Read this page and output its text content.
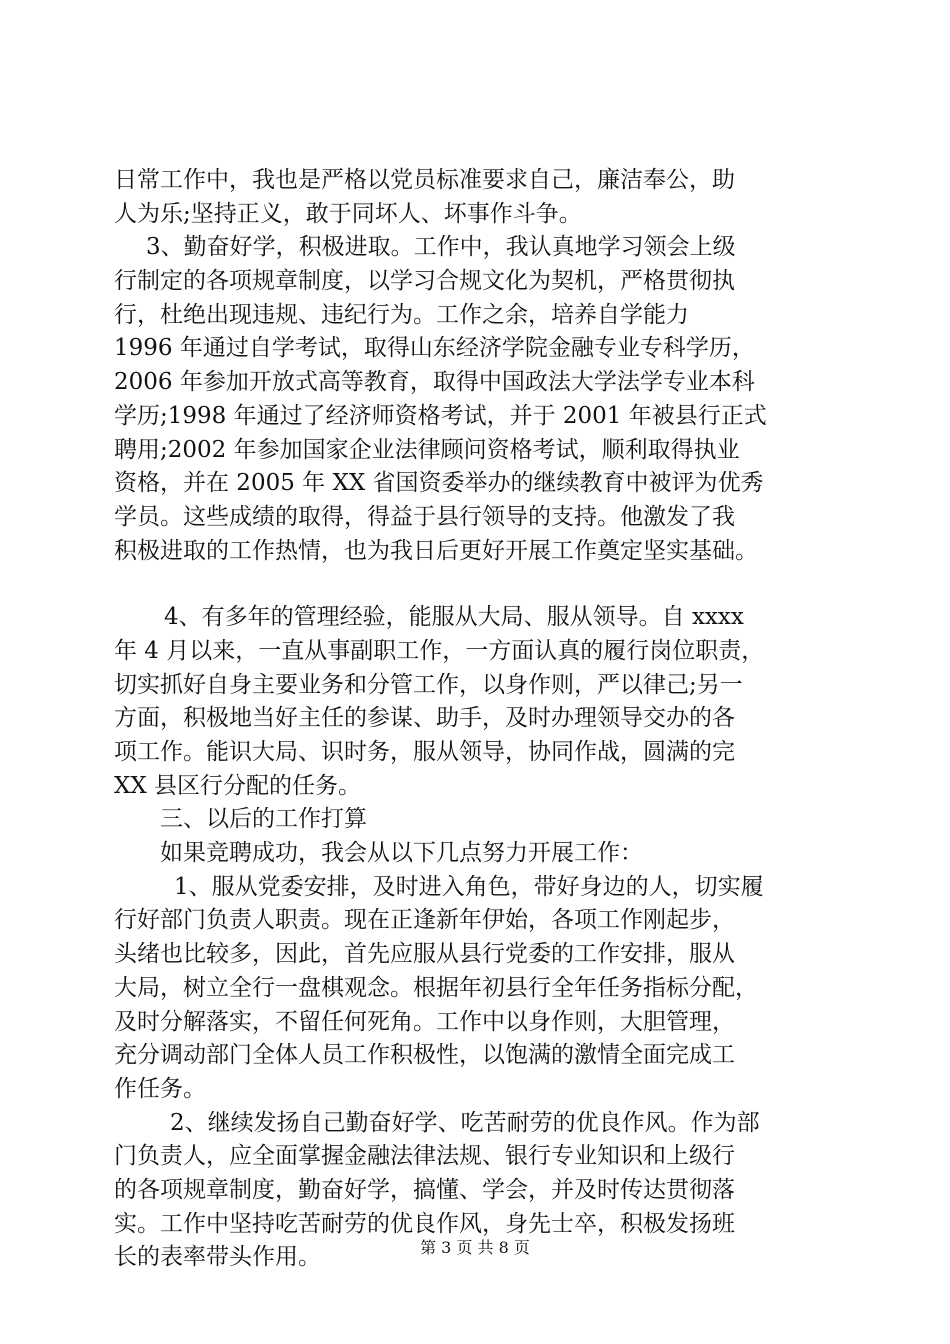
日常工作中，我也是严格以党员标准要求自己，廉洁奉公，助
人为乐;坚持正义，敢于同坏人、坏事作斗争。
3、勤奋好学，积极进取。工作中，我认真地学习领会上级
行制定的各项规章制度，以学习合规文化为契机，严格贯彻执
行，杜绝出现违规、违纪行为。工作之余，培养自学能力
1996 年通过自学考试，取得山东经济学院金融专业专科学历，
2006 年参加开放式高等教育，取得中国政法大学法学专业本科
学历;1998 年通过了经济师资格考试，并于 2001 年被县行正式
聘用;2002 年参加国家企业法律顾问资格考试，顺利取得执业
资格，并在 2005 年 XX 省国资委举办的继续教育中被评为优秀
学员。这些成绩的取得，得益于县行领导的支持。他激发了我
积极进取的工作热情，也为我日后更好开展工作奠定坚实基础。
4、有多年的管理经验，能服从大局、服从领导。自 xxxx
年 4 月以来，一直从事副职工作，一方面认真的履行岗位职责，
切实抓好自身主要业务和分管工作，以身作则，严以律己;另一
方面，积极地当好主任的参谋、助手，及时办理领导交办的各
项工作。能识大局、识时务，服从领导，协同作战，圆满的完
XX 县区行分配的任务。
三、以后的工作打算
如果竞聘成功，我会从以下几点努力开展工作：
1、服从党委安排，及时进入角色，带好身边的人，切实履
行好部门负责人职责。现在正逢新年伊始，各项工作刚起步，
头绪也比较多，因此，首先应服从县行党委的工作安排，服从
大局，树立全行一盘棋观念。根据年初县行全年任务指标分配，
及时分解落实，不留任何死角。工作中以身作则，大胆管理，
充分调动部门全体人员工作积极性，以饱满的激情全面完成工
作任务。
2、继续发扬自己勤奋好学、吃苦耐劳的优良作风。作为部
门负责人，应全面掌握金融法律法规、银行专业知识和上级行
的各项规章制度，勤奋好学，搞懂、学会，并及时传达贯彻落
实。工作中坚持吃苦耐劳的优良作风，身先士卒，积极发扬班
长的表率带头作用。	第 3 页 共 8 页
